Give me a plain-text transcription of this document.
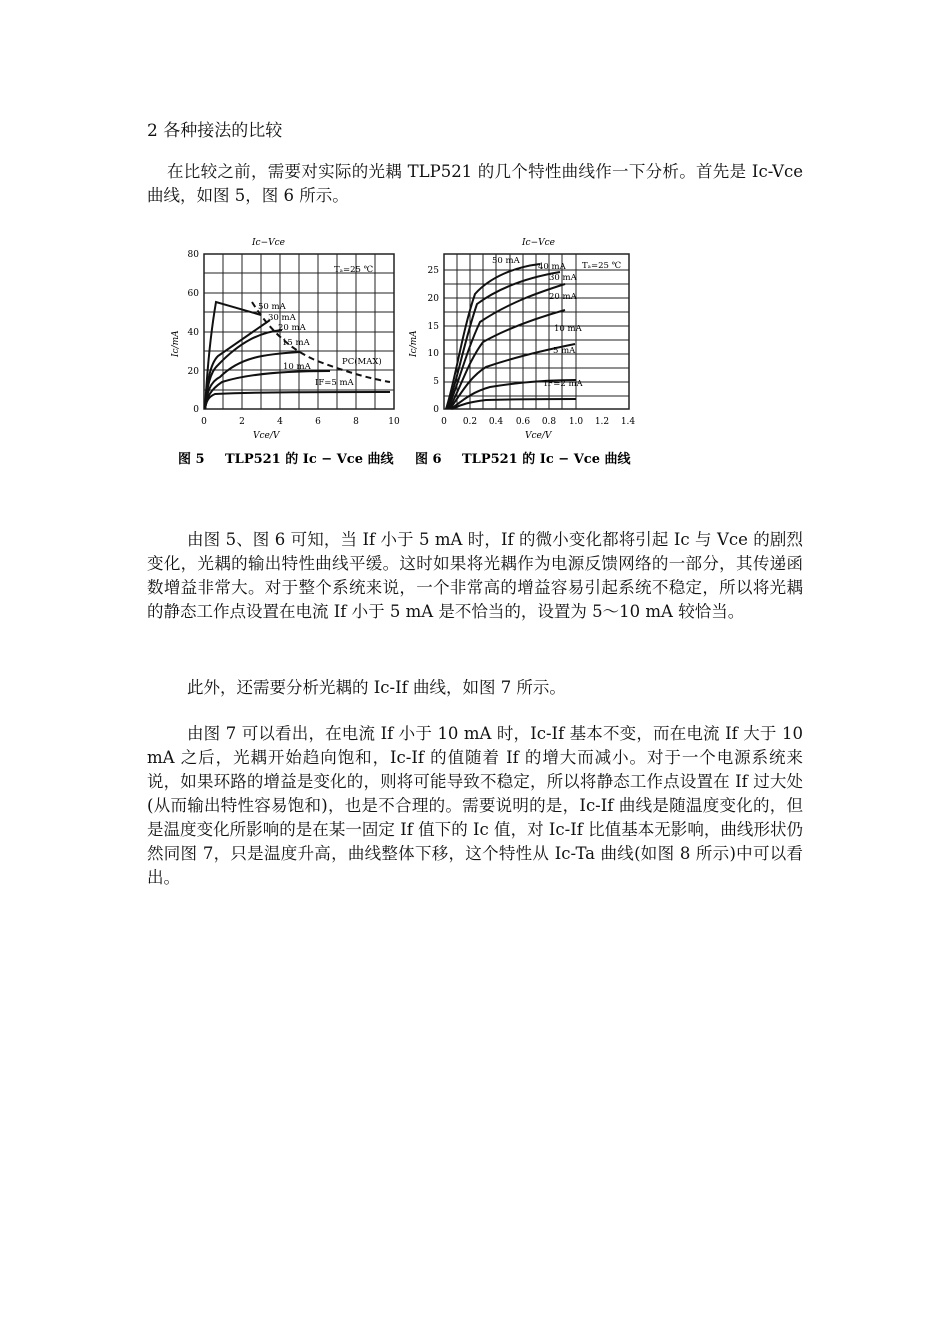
2 各种接法的比较
在比较之前，需要对实际的光耦 TLP521 的几个特性曲线作一下分析。首先是 Ic-Vce 曲线，如图 5，图 6 所示。
Ic−Vce
Ic/mA
Vce/V
0
20
40
60
80
0	2	4	6	8	10
Tₐ=25 ℃
50 mA
30 mA
20 mA
15 mA
10 mA
IF=5 mA
PC(MAX)
图 5 TLP521 的 Ic − Vce 曲线
Ic−Vce
Ic/mA
Vce/V
0
5
10
15
20
25
0 0.2 0.4 0.6 0.8 1.0 1.2 1.4
Tₐ=25 ℃
50 mA
40 mA
30 mA
20 mA
10 mA
5 mA
IF=2 mA
图 6 TLP521 的 Ic − Vce 曲线
由图 5、图 6 可知，当 If 小于 5 mA 时，If 的微小变化都将引起 Ic 与 Vce 的剧烈变化，光耦的输出特性曲线平缓。这时如果将光耦作为电源反馈网络的一部分，其传递函数增益非常大。对于整个系统来说，一个非常高的增益容易引起系统不稳定，所以将光耦的静态工作点设置在电流 If 小于 5 mA 是不恰当的，设置为 5～10 mA 较恰当。
此外，还需要分析光耦的 Ic-If 曲线，如图 7 所示。
由图 7 可以看出，在电流 If 小于 10 mA 时，Ic-If 基本不变，而在电流 If 大于 10 mA 之后，光耦开始趋向饱和，Ic-If 的值随着 If 的增大而减小。对于一个电源系统来说，如果环路的增益是变化的，则将可能导致不稳定，所以将静态工作点设置在 If 过大处(从而输出特性容易饱和)，也是不合理的。需要说明的是，Ic-If 曲线是随温度变化的，但是温度变化所影响的是在某一固定 If 值下的 Ic 值，对 Ic-If 比值基本无影响，曲线形状仍然同图 7，只是温度升高，曲线整体下移，这个特性从 Ic-Ta 曲线(如图 8 所示)中可以看出。
